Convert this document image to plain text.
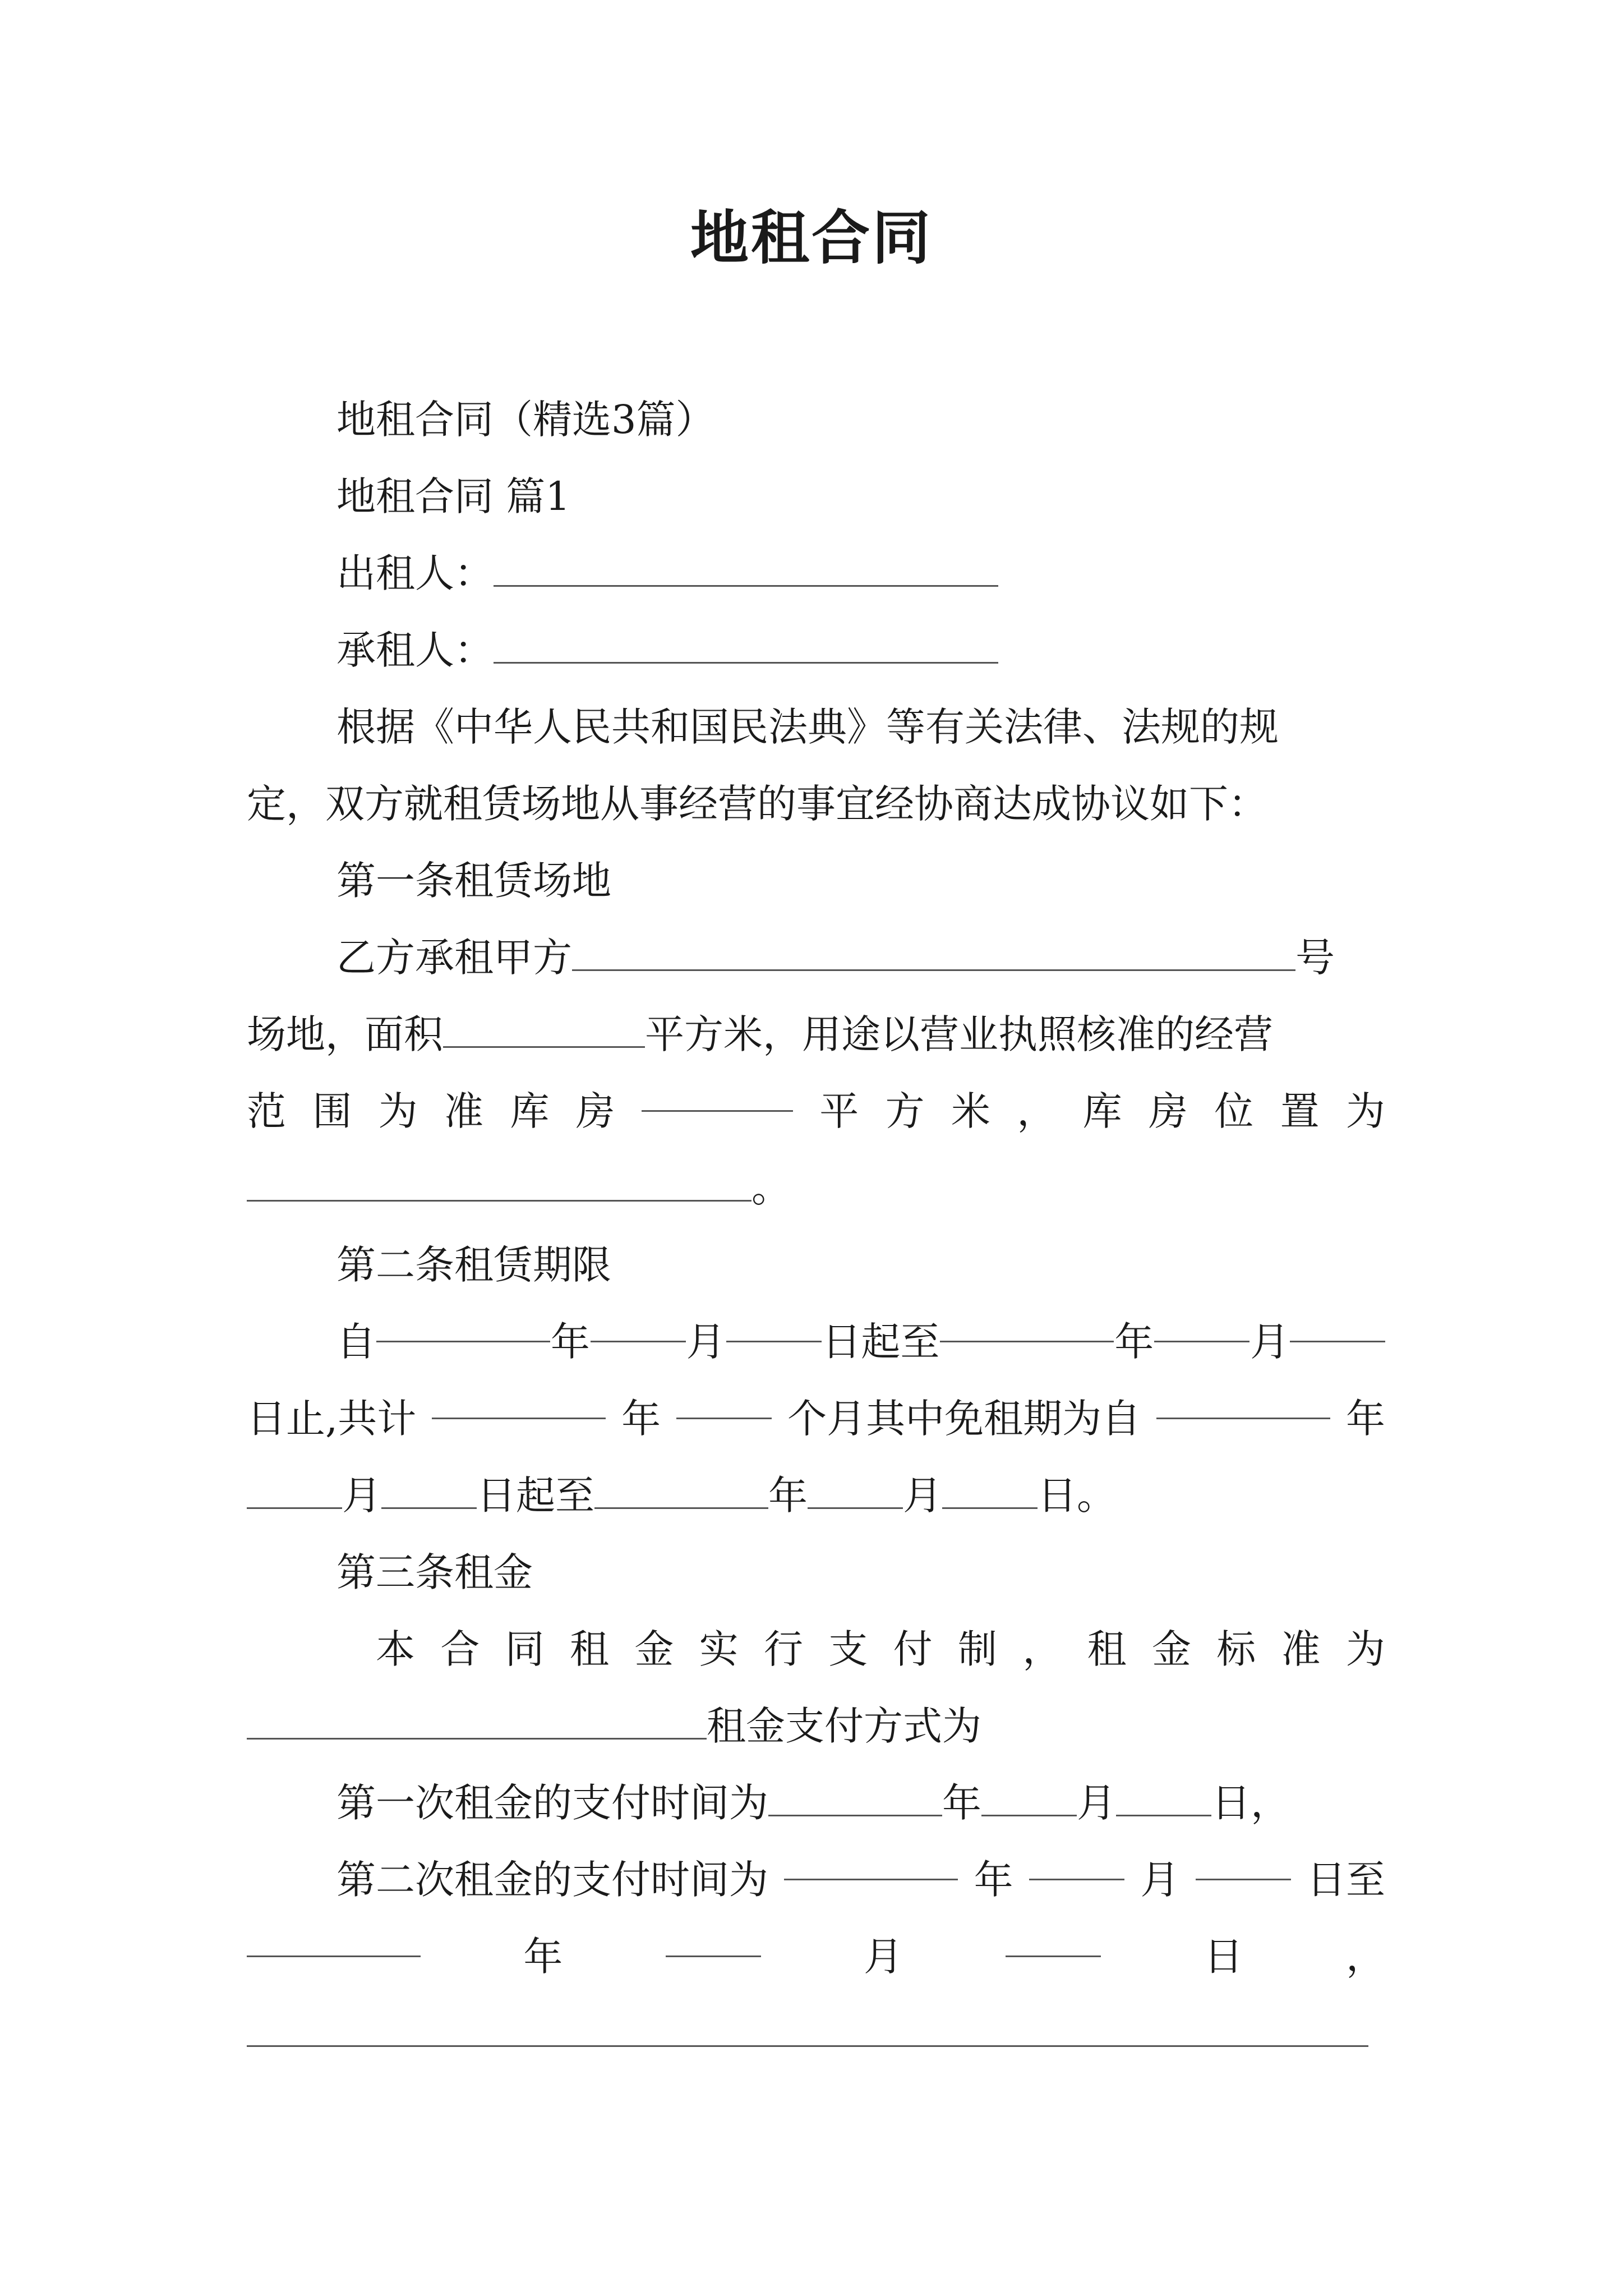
地租合同
地租合同（精选3篇）
地租合同 篇1
出租人：
承租人：
根据《中华人民共和国民法典》等有关法律、法规的规
定，双方就租赁场地从事经营的事宜经协商达成协议如下：
第一条租赁场地
乙方承租甲方	号
场地，面积	平方米，用途以营业执照核准的经营
范 围 为 准 库 房	平 方 米 ， 库 房 位 置 为
。
第二条租赁期限
自	年 月 日起至	年 月
日止,共计	年	个月其中免租期为自	年
月 日起至	年 月 日。
第三条租金
本 合 同 租 金 实 行 支 付 制 ， 租 金 标 准 为
租金支付方式为
第一次租金的支付时间为	年 月 日，
第二次租金的支付时间为	年	月	日至
年	月	日	，
